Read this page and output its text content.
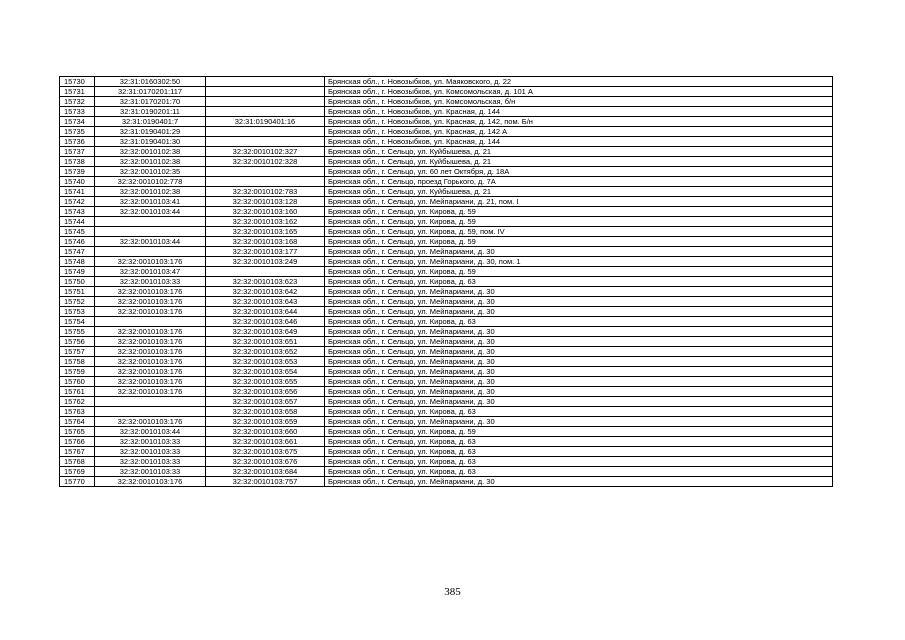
15730	32:31:0160302:50		Брянская обл., г. Новозыбков, ул. Маяковского, д. 22
15731	32:31:0170201:117		Брянская обл., г. Новозыбков, ул. Комсомольская, д. 101 А
15732	32:31:0170201:70		Брянская обл., г. Новозыбков, ул. Комсомольская, б/н
15733	32:31:0190201:11		Брянская обл., г. Новозыбков, ул. Красная, д. 144
15734	32:31:0190401:7	32:31:0190401:16	Брянская обл., г. Новозыбков, ул. Красная, д. 142, пом. Б/н
15735	32:31:0190401:29		Брянская обл., г. Новозыбков, ул. Красная, д. 142 А
15736	32:31:0190401:30		Брянская обл., г. Новозыбков, ул. Красная, д. 144
15737	32:32:0010102:38	32:32:0010102:327	Брянская обл., г. Сельцо, ул. Куйбышева, д. 21
15738	32:32:0010102:38	32:32:0010102:328	Брянская обл., г. Сельцо, ул. Куйбышева, д. 21
15739	32:32:0010102:35		Брянская обл., г. Сельцо, ул. 60 лет Октября, д. 18А
15740	32:32:0010102:778		Брянская обл., г. Сельцо, проезд Горького, д. 7А
15741	32:32:0010102:38	32:32:0010102:783	Брянская обл., г. Сельцо, ул. Куйбышева, д. 21
15742	32:32:0010103:41	32:32:0010103:128	Брянская обл., г. Сельцо, ул. Мейпариани, д. 21, пом. I
15743	32:32:0010103:44	32:32:0010103:160	Брянская обл., г. Сельцо, ул. Кирова, д. 59
15744		32:32:0010103:162	Брянская обл., г. Сельцо, ул. Кирова, д. 59
15745		32:32:0010103:165	Брянская обл., г. Сельцо, ул. Кирова, д. 59, пом. IV
15746	32:32:0010103:44	32:32:0010103:168	Брянская обл., г. Сельцо, ул. Кирова, д. 59
15747		32:32:0010103:177	Брянская обл., г. Сельцо, ул. Мейпариани, д. 30
15748	32:32:0010103:176	32:32:0010103:249	Брянская обл., г. Сельцо, ул. Мейпариани, д. 30, пом. 1
15749	32:32:0010103:47		Брянская обл., г. Сельцо, ул. Кирова, д. 59
15750	32:32:0010103:33	32:32:0010103:623	Брянская обл., г. Сельцо, ул. Кирова, д. 63
15751	32:32:0010103:176	32:32:0010103:642	Брянская обл., г. Сельцо, ул. Мейпариани, д. 30
15752	32:32:0010103:176	32:32:0010103:643	Брянская обл., г. Сельцо, ул. Мейпариани, д. 30
15753	32:32:0010103:176	32:32:0010103:644	Брянская обл., г. Сельцо, ул. Мейпариани, д. 30
15754		32:32:0010103:646	Брянская обл., г. Сельцо, ул. Кирова, д. 63
15755	32:32:0010103:176	32:32:0010103:649	Брянская обл., г. Сельцо, ул. Мейпариани, д. 30
15756	32:32:0010103:176	32:32:0010103:651	Брянская обл., г. Сельцо, ул. Мейпариани, д. 30
15757	32:32:0010103:176	32:32:0010103:652	Брянская обл., г. Сельцо, ул. Мейпариани, д. 30
15758	32:32:0010103:176	32:32:0010103:653	Брянская обл., г. Сельцо, ул. Мейпариани, д. 30
15759	32:32:0010103:176	32:32:0010103:654	Брянская обл., г. Сельцо, ул. Мейпариани, д. 30
15760	32:32:0010103:176	32:32:0010103:655	Брянская обл., г. Сельцо, ул. Мейпариани, д. 30
15761	32:32:0010103:176	32:32:0010103:656	Брянская обл., г. Сельцо, ул. Мейпариани, д. 30
15762		32:32:0010103:657	Брянская обл., г. Сельцо, ул. Мейпариани, д. 30
15763		32:32:0010103:658	Брянская обл., г. Сельцо, ул. Кирова, д. 63
15764	32:32:0010103:176	32:32:0010103:659	Брянская обл., г. Сельцо, ул. Мейпариани, д. 30
15765	32:32:0010103:44	32:32:0010103:660	Брянская обл., г. Сельцо, ул. Кирова, д. 59
15766	32:32:0010103:33	32:32:0010103:661	Брянская обл., г. Сельцо, ул. Кирова, д. 63
15767	32:32:0010103:33	32:32:0010103:675	Брянская обл., г. Сельцо, ул. Кирова, д. 63
15768	32:32:0010103:33	32:32:0010103:676	Брянская обл., г. Сельцо, ул. Кирова, д. 63
15769	32:32:0010103:33	32:32:0010103:684	Брянская обл., г. Сельцо, ул. Кирова, д. 63
15770	32:32:0010103:176	32:32:0010103:757	Брянская обл., г. Сельцо, ул. Мейпариани, д. 30
385
